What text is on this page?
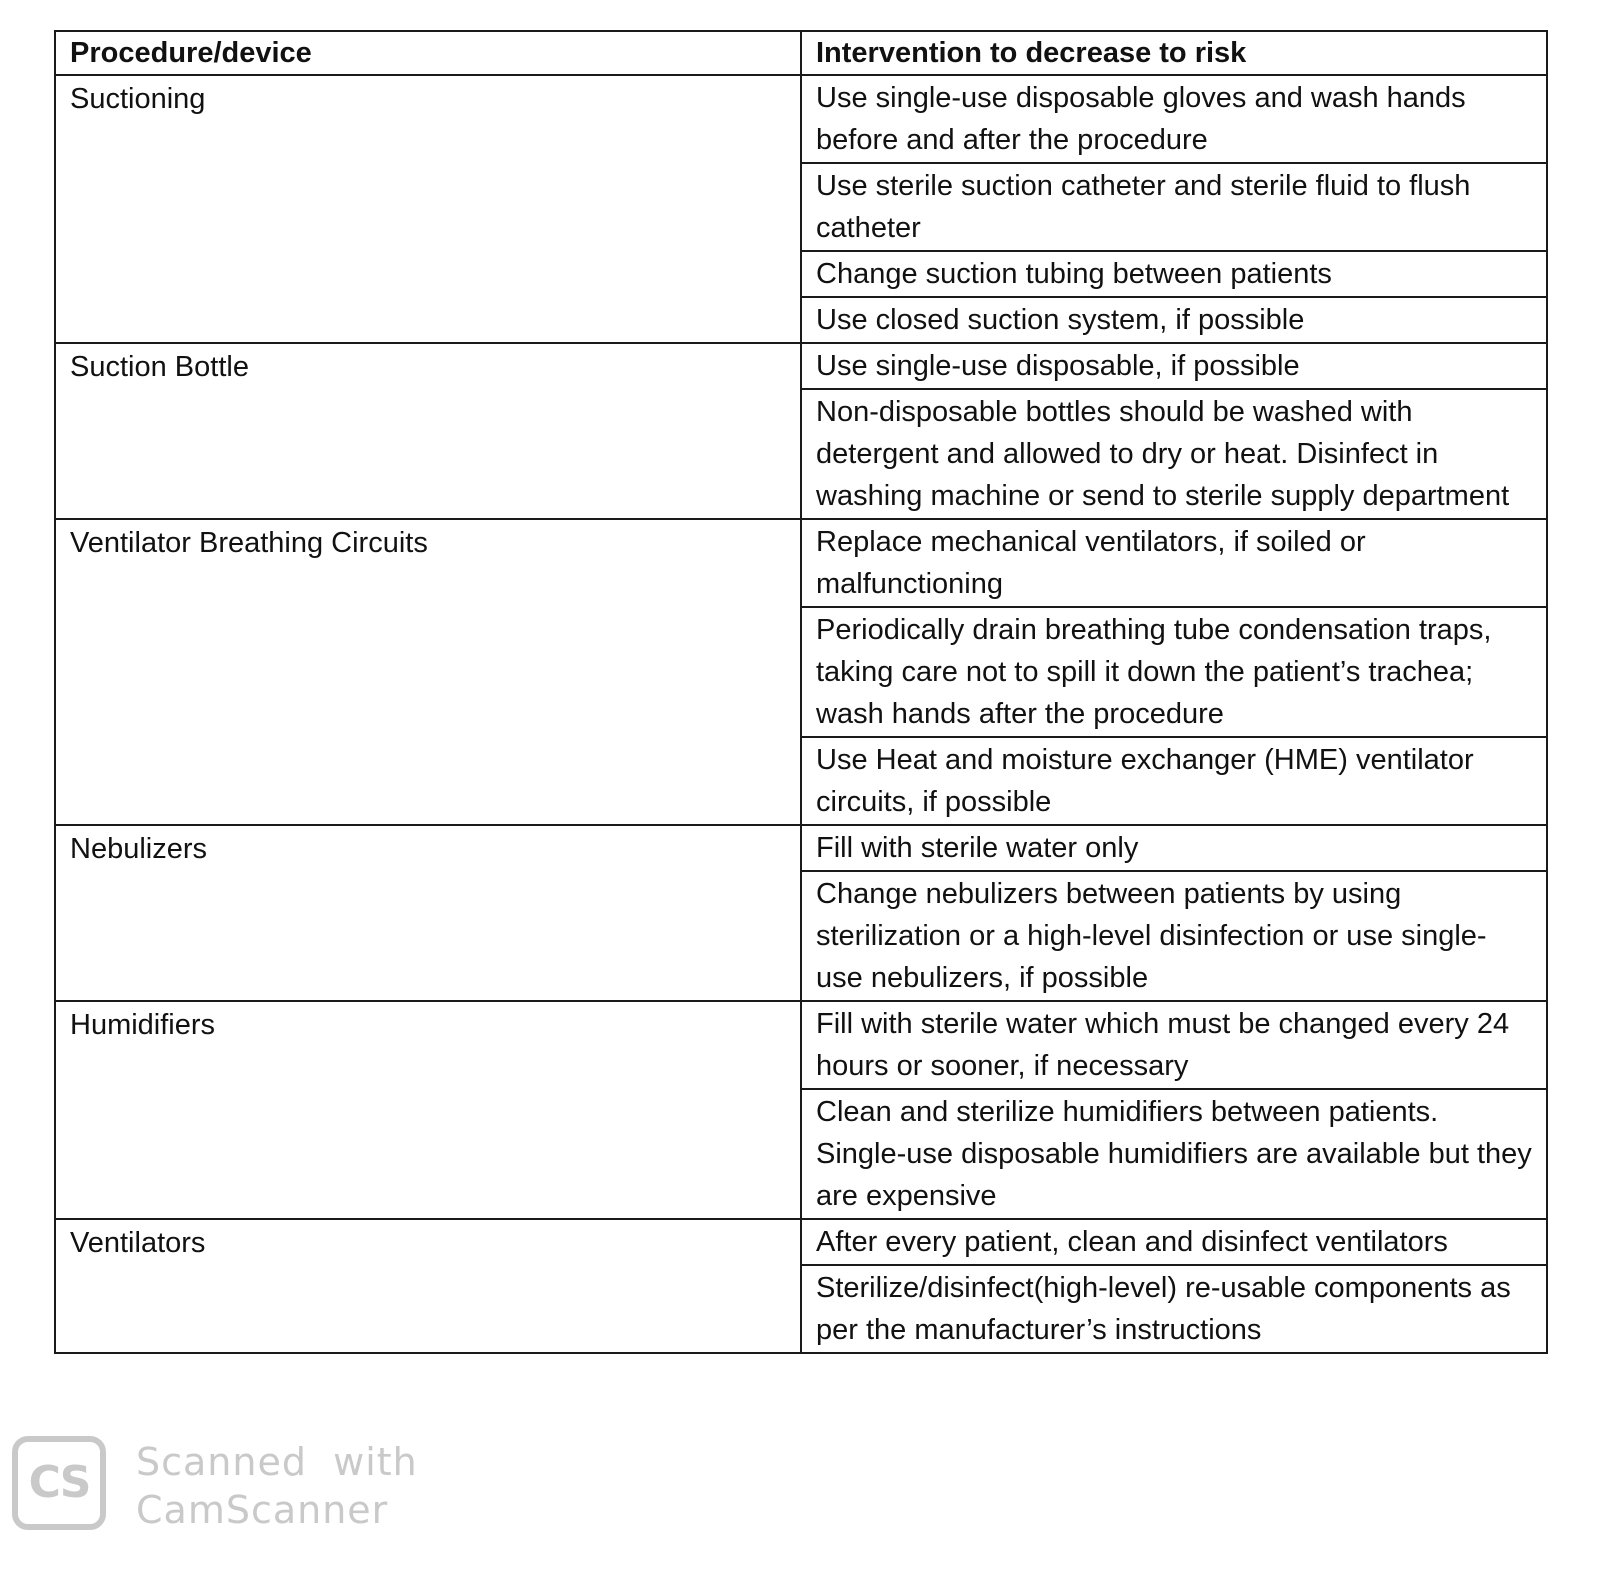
Procedure/device	Intervention to decrease to risk
Suctioning	Use single-use disposable gloves and wash hands before and after the procedure
	Use sterile suction catheter and sterile fluid to flush catheter
	Change suction tubing between patients
	Use closed suction system, if possible
Suction Bottle	Use single-use disposable, if possible
	Non-disposable bottles should be washed with detergent and allowed to dry or heat. Disinfect in washing machine or send to sterile supply department
Ventilator Breathing Circuits	Replace mechanical ventilators, if soiled or malfunctioning
	Periodically drain breathing tube condensation traps, taking care not to spill it down the patient’s trachea; wash hands after the procedure
	Use Heat and moisture exchanger (HME) ventilator circuits, if possible
Nebulizers	Fill with sterile water only
	Change nebulizers between patients by using sterilization or a high-level disinfection or use single-use nebulizers, if possible
Humidifiers	Fill with sterile water which must be changed every 24 hours or sooner, if necessary
	Clean and sterilize humidifiers between patients. Single-use disposable humidifiers are available but they are expensive
Ventilators	After every patient, clean and disinfect ventilators
	Sterilize/disinfect(high-level) re-usable components as per the manufacturer’s instructions
CS	Scanned  with
CamScanner
